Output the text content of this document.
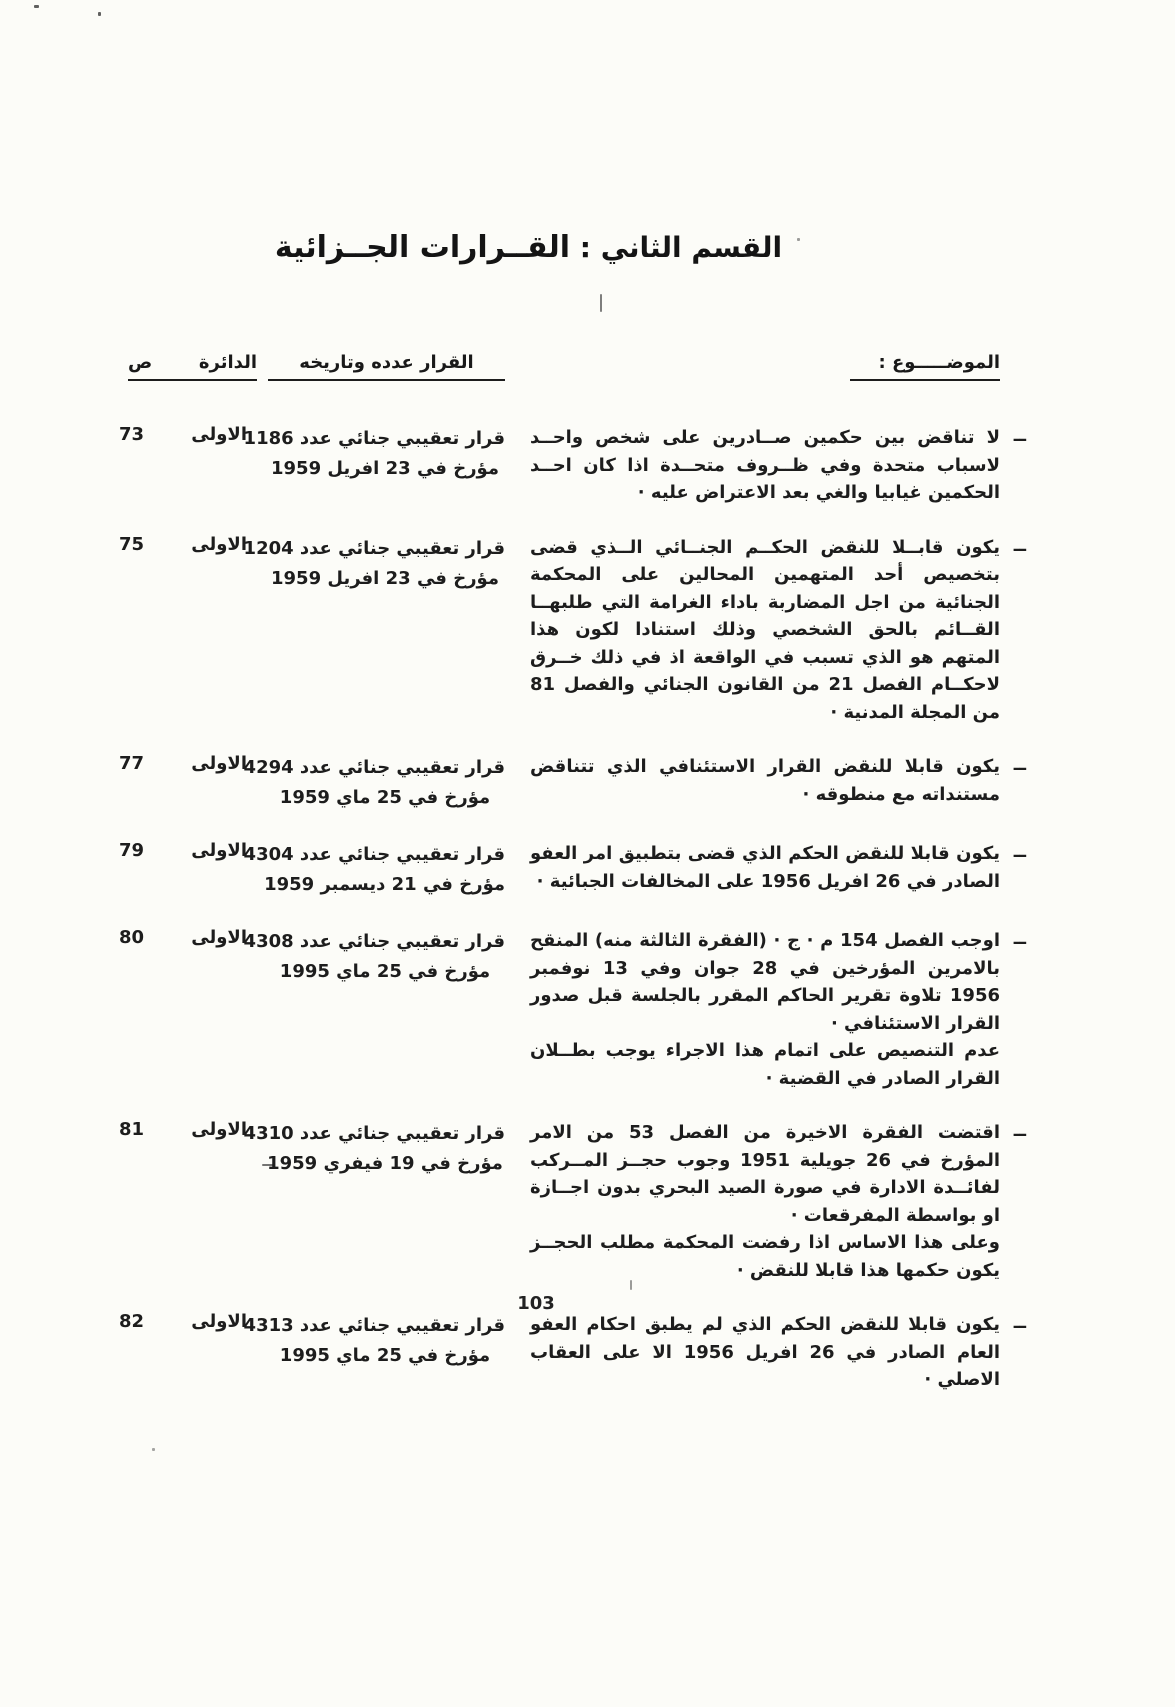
القسم الثاني : القــرارات الجــزائية
الموضـــــوع :
القرار عدده وتاريخه
الدائرة
ص

ــ
لا تناقض بين حكمين صــادرين على شخص واحــد لاسباب متحدة وفي ظــروف متحــدة اذا كان احــد الحكمين غيابيا والغي بعد الاعتراض عليه ·

قرار تعقيبي جنائي عدد 1186
مؤرخ في 23 افريل 1959
الاولى
73

ــ
يكون قابــلا للنقض الحكــم الجنــائي الــذي قضى بتخصيص أحد المتهمين المحالين على المحكمة الجنائية من اجل المضاربة باداء الغرامة التي طلبهــا القــائم بالحق الشخصي وذلك استنادا لكون هذا المتهم هو الذي تسبب في الواقعة اذ في ذلك خــرق لاحكــام الفصل 21 من القانون الجنائي والفصل 81 من المجلة المدنية ·

قرار تعقيبي جنائي عدد 1204
مؤرخ في 23 افريل 1959
الاولى
75

ــ
يكون قابلا للنقض القرار الاستئنافي الذي تتناقض مستنداته مع منطوقه ·

قرار تعقيبي جنائي عدد 4294
مؤرخ في 25 ماي 1959
الاولى
77

ــ
يكون قابلا للنقض الحكم الذي قضى بتطبيق امر العفو الصادر في 26 افريل 1956 على المخالفات الجبائية ·

قرار تعقيبي جنائي عدد 4304
مؤرخ في 21 ديسمبر 1959
الاولى
79

ــ
اوجب الفصل 154 م · ج · (الفقرة الثالثة منه) المنقح بالامرين المؤرخين في 28 جوان وفي 13 نوفمبر 1956 تلاوة تقرير الحاكم المقرر بالجلسة قبل صدور القرار الاستئنافي ·

عدم التنصيص على اتمام هذا الاجراء يوجب بطــلان القرار الصادر في القضية ·

قرار تعقيبي جنائي عدد 4308
مؤرخ في 25 ماي 1995
الاولى
80

ــ
اقتضت الفقرة الاخيرة من الفصل 53 من الامر المؤرخ في 26 جويلية 1951 وجوب حجــز المــركب لفائــدة الادارة في صورة الصيد البحري بدون اجــازة او بواسطة المفرقعات ·

وعلى هذا الاساس اذا رفضت المحكمة مطلب الحجــز يكون حكمها هذا قابلا للنقض ·

قرار تعقيبي جنائي عدد 4310
مؤرخ في 19 فيفري 1959
الاولى
81

ــ
يكون قابلا للنقض الحكم الذي لم يطبق احكام العفو العام الصادر في 26 افريل 1956 الا على العقاب الاصلي ·

قرار تعقيبي جنائي عدد 4313
مؤرخ في 25 ماي 1995
الاولى
82
103
